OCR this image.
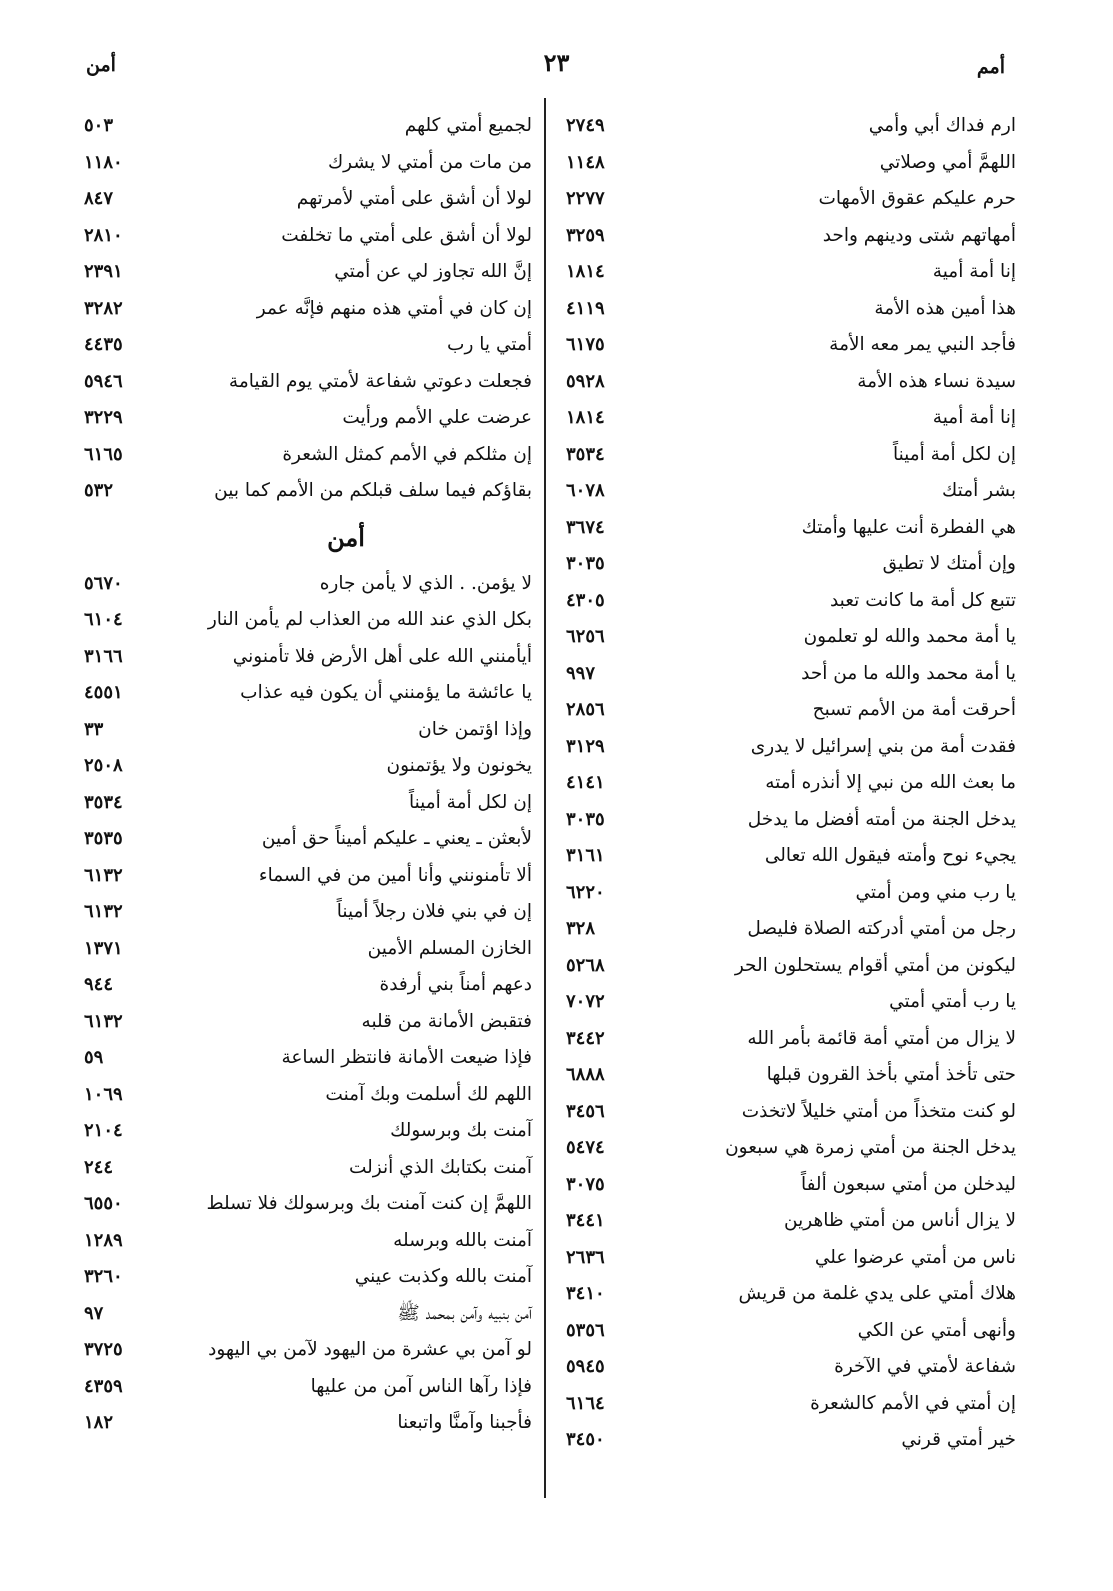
أمن	٢٣	أمم
ارم فداك أبي وأمي
٢٧٤٩
اللهمَّ أمي وصلاتي
١١٤٨
حرم عليكم عقوق الأمهات
٢٢٧٧
أمهاتهم شتى ودينهم واحد
٣٢٥٩
إنا أمة أمية
١٨١٤
هذا أمين هذه الأمة
٤١١٩
فأجد النبي يمر معه الأمة
٦١٧٥
سيدة نساء هذه الأمة
٥٩٢٨
إنا أمة أمية
١٨١٤
إن لكل أمة أميناً
٣٥٣٤
بشر أمتك
٦٠٧٨
هي الفطرة أنت عليها وأمتك
٣٦٧٤
وإن أمتك لا تطيق
٣٠٣٥
تتبع كل أمة ما كانت تعبد
٤٣٠٥
يا أمة محمد والله لو تعلمون
٦٢٥٦
يا أمة محمد والله ما من أحد
٩٩٧
أحرقت أمة من الأمم تسبح
٢٨٥٦
فقدت أمة من بني إسرائيل لا يدرى
٣١٢٩
ما بعث الله من نبي إلا أنذره أمته
٤١٤١
يدخل الجنة من أمته أفضل ما يدخل
٣٠٣٥
يجيء نوح وأمته فيقول الله تعالى
٣١٦١
يا رب مني ومن أمتي
٦٢٢٠
رجل من أمتي أدركته الصلاة فليصل
٣٢٨
ليكونن من أمتي أقوام يستحلون الحر
٥٢٦٨
يا رب أمتي أمتي
٧٠٧٢
لا يزال من أمتي أمة قائمة بأمر الله
٣٤٤٢
حتى تأخذ أمتي بأخذ القرون قبلها
٦٨٨٨
لو كنت متخذاً من أمتي خليلاً لاتخذت
٣٤٥٦
يدخل الجنة من أمتي زمرة هي سبعون
٥٤٧٤
ليدخلن من أمتي سبعون ألفاً
٣٠٧٥
لا يزال أناس من أمتي ظاهرين
٣٤٤١
ناس من أمتي عرضوا علي
٢٦٣٦
هلاك أمتي على يدي غلمة من قريش
٣٤١٠
وأنهى أمتي عن الكي
٥٣٥٦
شفاعة لأمتي في الآخرة
٥٩٤٥
إن أمتي في الأمم كالشعرة
٦١٦٤
خير أمتي قرني
٣٤٥٠
لجميع أمتي كلهم
٥٠٣
من مات من أمتي لا يشرك
١١٨٠
لولا أن أشق على أمتي لأمرتهم
٨٤٧
لولا أن أشق على أمتي ما تخلفت
٢٨١٠
إنَّ الله تجاوز لي عن أمتي
٢٣٩١
إن كان في أمتي هذه منهم فإنَّه عمر
٣٢٨٢
أمتي يا رب
٤٤٣٥
فجعلت دعوتي شفاعة لأمتي يوم القيامة
٥٩٤٦
عرضت علي الأمم ورأيت
٣٢٢٩
إن مثلكم في الأمم كمثل الشعرة
٦١٦٥
بقاؤكم فيما سلف قبلكم من الأمم كما بين
٥٣٢
أمن
لا يؤمن. . الذي لا يأمن جاره
٥٦٧٠
بكل الذي عند الله من العذاب لم يأمن النار
٦١٠٤
أيأمنني الله على أهل الأرض فلا تأمنوني
٣١٦٦
يا عائشة ما يؤمنني أن يكون فيه عذاب
٤٥٥١
وإذا اؤتمن خان
٣٣
يخونون ولا يؤتمنون
٢٥٠٨
إن لكل أمة أميناً
٣٥٣٤
لأبعثن ـ يعني ـ عليكم أميناً حق أمين
٣٥٣٥
ألا تأمنونني وأنا أمين من في السماء
٦١٣٢
إن في بني فلان رجلاً أميناً
٦١٣٢
الخازن المسلم الأمين
١٣٧١
دعهم أمناً بني أرفدة
٩٤٤
فتقبض الأمانة من قلبه
٦١٣٢
فإذا ضيعت الأمانة فانتظر الساعة
٥٩
اللهم لك أسلمت وبك آمنت
١٠٦٩
آمنت بك وبرسولك
٢١٠٤
آمنت بكتابك الذي أنزلت
٢٤٤
اللهمَّ إن كنت آمنت بك وبرسولك فلا تسلط
٦٥٥٠
آمنت بالله وبرسله
١٢٨٩
آمنت بالله وكذبت عيني
٣٢٦٠
آمن بنبيه وآمن بمحمد ﷺ
٩٧
لو آمن بي عشرة من اليهود لآمن بي اليهود
٣٧٢٥
فإذا رآها الناس آمن من عليها
٤٣٥٩
فأجبنا وآمنَّا واتبعنا
١٨٢
